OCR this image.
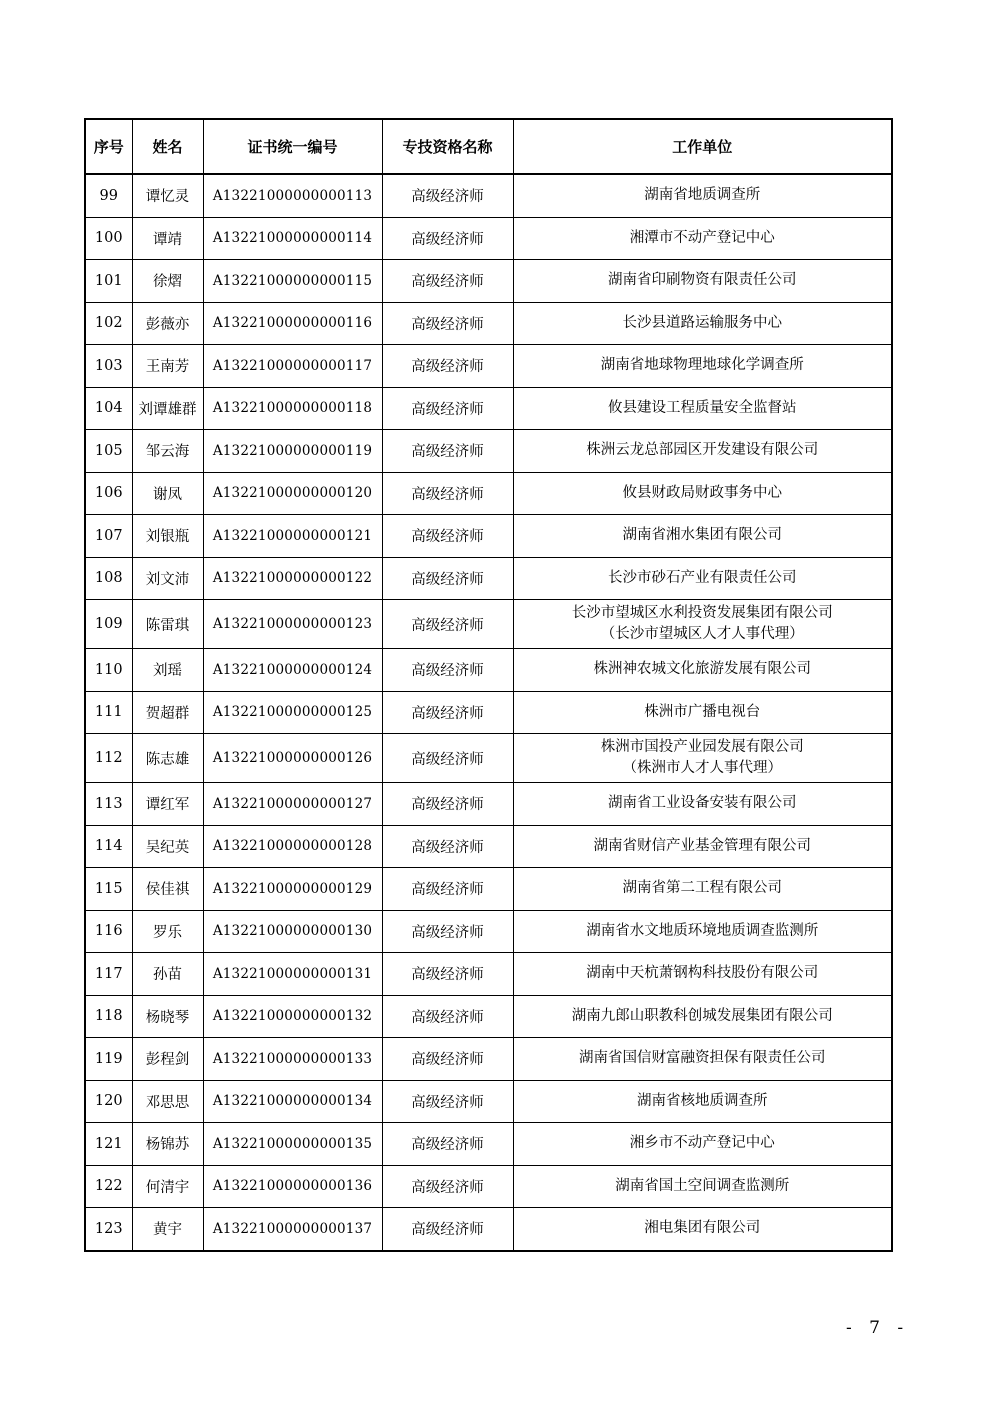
序号	姓名	证书统一编号	专技资格名称	工作单位
99	谭忆灵	A13221000000000113	高级经济师	湖南省地质调查所

100	谭靖	A13221000000000114	高级经济师	湘潭市不动产登记中心

101	徐熠	A13221000000000115	高级经济师	湖南省印刷物资有限责任公司

102	彭薇亦	A13221000000000116	高级经济师	长沙县道路运输服务中心

103	王南芳	A13221000000000117	高级经济师	湖南省地球物理地球化学调查所

104	刘谭雄群	A13221000000000118	高级经济师	攸县建设工程质量安全监督站

105	邹云海	A13221000000000119	高级经济师	株洲云龙总部园区开发建设有限公司

106	谢凤	A13221000000000120	高级经济师	攸县财政局财政事务中心

107	刘银瓶	A13221000000000121	高级经济师	湖南省湘水集团有限公司

108	刘文沛	A13221000000000122	高级经济师	长沙市砂石产业有限责任公司

109	陈雷琪	A13221000000000123	高级经济师	长沙市望城区水利投资发展集团有限公司
（长沙市望城区人才人事代理）

110	刘瑶	A13221000000000124	高级经济师	株洲神农城文化旅游发展有限公司

111	贺超群	A13221000000000125	高级经济师	株洲市广播电视台

112	陈志雄	A13221000000000126	高级经济师	株洲市国投产业园发展有限公司
（株洲市人才人事代理）

113	谭红军	A13221000000000127	高级经济师	湖南省工业设备安装有限公司

114	吴纪英	A13221000000000128	高级经济师	湖南省财信产业基金管理有限公司

115	侯佳祺	A13221000000000129	高级经济师	湖南省第二工程有限公司

116	罗乐	A13221000000000130	高级经济师	湖南省水文地质环境地质调查监测所

117	孙苗	A13221000000000131	高级经济师	湖南中天杭萧钢构科技股份有限公司

118	杨晓琴	A13221000000000132	高级经济师	湖南九郎山职教科创城发展集团有限公司

119	彭程剑	A13221000000000133	高级经济师	湖南省国信财富融资担保有限责任公司

120	邓思思	A13221000000000134	高级经济师	湖南省核地质调查所

121	杨锦苏	A13221000000000135	高级经济师	湘乡市不动产登记中心

122	何清宇	A13221000000000136	高级经济师	湖南省国土空间调查监测所

123	黄宇	A13221000000000137	高级经济师	湘电集团有限公司
- 7 -
